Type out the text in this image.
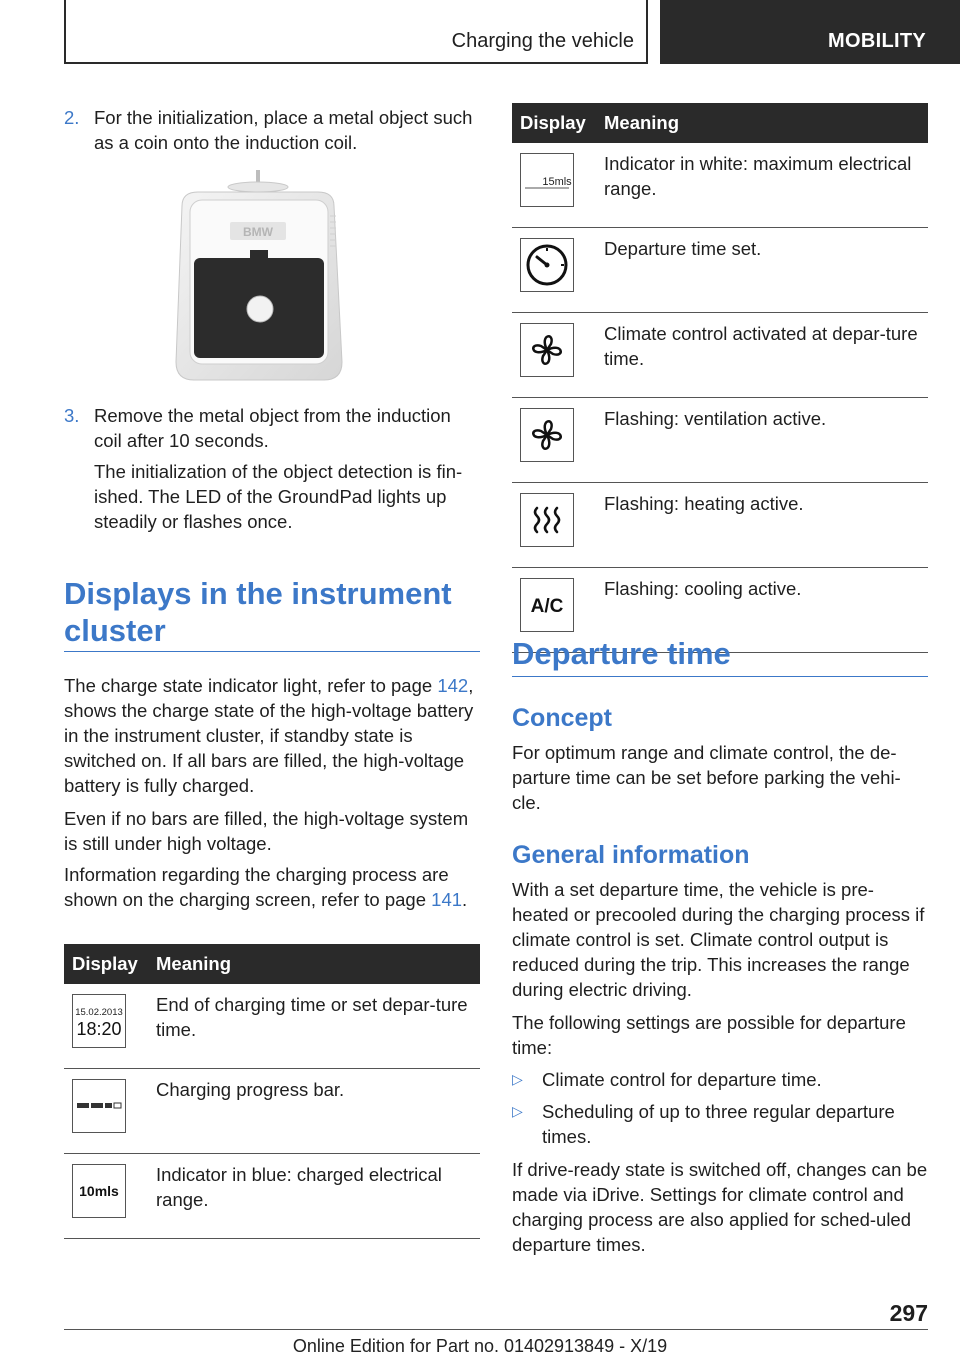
Charging the vehicle	MOBILITY
2. For the initialization, place a metal object such as a coin onto the induction coil.

BMW
3. Remove the metal object from the induction coil after 10 seconds.

The initialization of the object detection is fin-ished. The LED of the GroundPad lights up steadily or flashes once.

Displays in the instrument cluster

The charge state indicator light, refer to page 142, shows the charge state of the high-voltage battery in the instrument cluster, if standby state is switched on. If all bars are filled, the high-voltage battery is fully charged.

Even if no bars are filled, the high-voltage system is still under high voltage.

Information regarding the charging process are shown on the charging screen, refer to page 141.

Display	Meaning

15.02.2013
18:20	End of charging time or set depar-ture time.

	Charging progress bar.

10mls	Indicator in blue: charged electrical range.
Display	Meaning

15mls	Indicator in white: maximum electrical range.

	Departure time set.

	Climate control activated at depar-ture time.

	Flashing: ventilation active.

	Flashing: heating active.

A/C	Flashing: cooling active.
Departure time
Concept

For optimum range and climate control, the de-parture time can be set before parking the vehi-cle.

General information

With a set departure time, the vehicle is pre-heated or precooled during the charging process if climate control is set. Climate control output is reduced during the trip. This increases the range during electric driving.

The following settings are possible for departure time:

▷ Climate control for departure time.

▷ Scheduling of up to three regular departure times.

If drive-ready state is switched off, changes can be made via iDrive. Settings for climate control and charging process are also applied for sched-uled departure times.

297
Online Edition for Part no. 01402913849 - X/19
